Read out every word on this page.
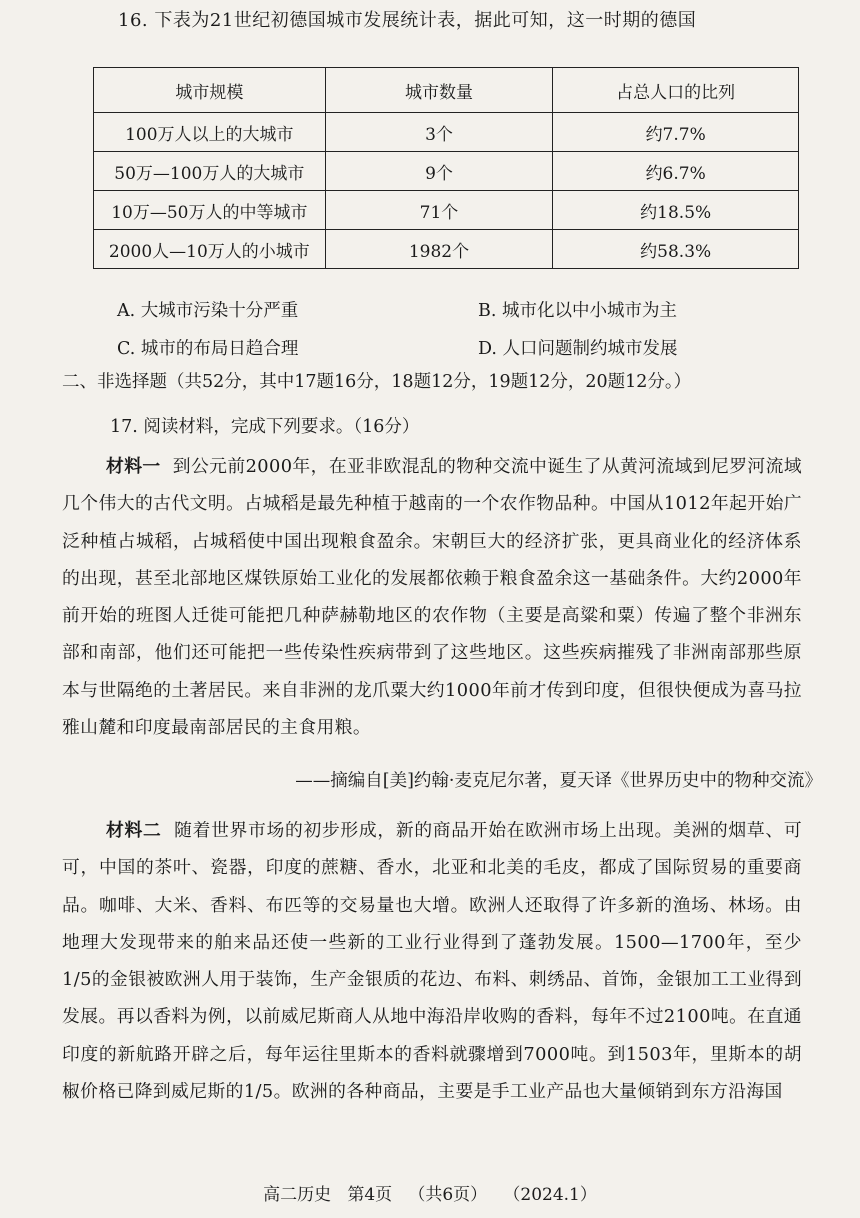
16. 下表为21世纪初德国城市发展统计表，据此可知，这一时期的德国
城市规模	城市数量	占总人口的比列
100万人以上的大城市	3个	约7.7%
50万—100万人的大城市	9个	约6.7%
10万—50万人的中等城市	71个	约18.5%
2000人—10万人的小城市	1982个	约58.3%
A. 大城市污染十分严重	B. 城市化以中小城市为主
C. 城市的布局日趋合理	D. 人口问题制约城市发展
二、非选择题（共52分，其中17题16分，18题12分，19题12分，20题12分。）
17. 阅读材料，完成下列要求。（16分）
材料一 到公元前2000年，在亚非欧混乱的物种交流中诞生了从黄河流域到尼罗河流域几个伟大的古代文明。占城稻是最先种植于越南的一个农作物品种。中国从1012年起开始广泛种植占城稻，占城稻使中国出现粮食盈余。宋朝巨大的经济扩张，更具商业化的经济体系的出现，甚至北部地区煤铁原始工业化的发展都依赖于粮食盈余这一基础条件。大约2000年前开始的班图人迁徙可能把几种萨赫勒地区的农作物（主要是高粱和粟）传遍了整个非洲东部和南部，他们还可能把一些传染性疾病带到了这些地区。这些疾病摧残了非洲南部那些原本与世隔绝的土著居民。来自非洲的龙爪粟大约1000年前才传到印度，但很快便成为喜马拉雅山麓和印度最南部居民的主食用粮。
——摘编自[美]约翰·麦克尼尔著，夏天译《世界历史中的物种交流》
材料二 随着世界市场的初步形成，新的商品开始在欧洲市场上出现。美洲的烟草、可可，中国的茶叶、瓷器，印度的蔗糖、香水，北亚和北美的毛皮，都成了国际贸易的重要商品。咖啡、大米、香料、布匹等的交易量也大增。欧洲人还取得了许多新的渔场、林场。由地理大发现带来的舶来品还使一些新的工业行业得到了蓬勃发展。1500—1700年，至少1/5的金银被欧洲人用于装饰，生产金银质的花边、布料、刺绣品、首饰，金银加工工业得到发展。再以香料为例，以前威尼斯商人从地中海沿岸收购的香料，每年不过2100吨。在直通印度的新航路开辟之后，每年运往里斯本的香料就骤增到7000吨。到1503年，里斯本的胡椒价格已降到威尼斯的1/5。欧洲的各种商品，主要是手工业产品也大量倾销到东方沿海国
高二历史   第4页   （共6页）   （2024.1）
